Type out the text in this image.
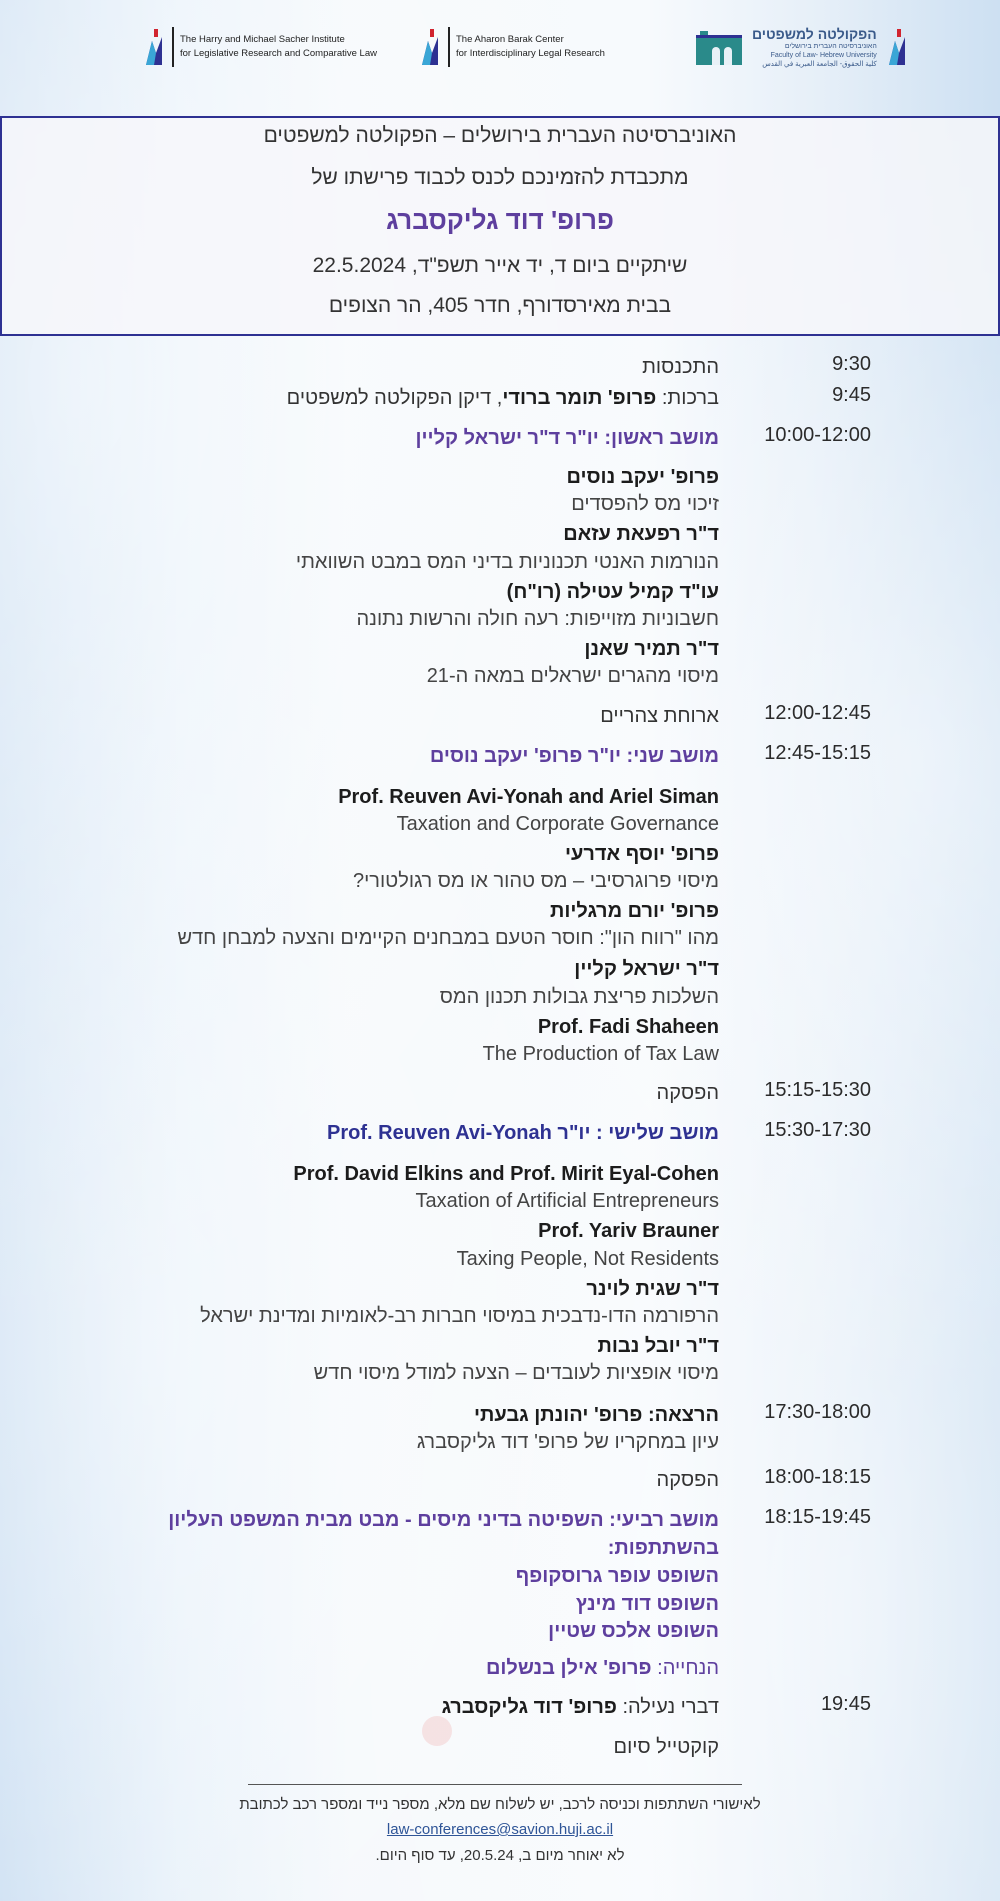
The Harry and Michael Sacher Institute
for Legislative Research and Comparative Law
The Aharon Barak Center
for Interdisciplinary Legal Research
הפקולטה למשפטים
האוניברסיטה העברית בירושלים
Faculty of Law- Hebrew University
كلية الحقوق- الجامعة العبرية في القدس
האוניברסיטה העברית בירושלים – הפקולטה למשפטים
מתכבדת להזמינכם לכנס לכבוד פרישתו של
פרופ' דוד גליקסברג
שיתקיים ביום ד, יד אייר תשפ"ד, 22.5.2024
בבית מאירסדורף, חדר 405, הר הצופים
9:30
התכנסות
9:45
ברכות: פרופ' תומר ברודי, דיקן הפקולטה למשפטים
10:00-12:00
מושב ראשון: יו"ר ד"ר ישראל קליין
פרופ' יעקב נוסים
זיכוי מס להפסדים
ד"ר רפעאת עזאם
הנורמות האנטי תכנוניות בדיני המס במבט השוואתי
עו"ד קמיל עטילה (רו"ח)
חשבוניות מזוייפות: רעה חולה והרשות נתונה
ד"ר תמיר שאנן
מיסוי מהגרים ישראלים במאה ה-21
12:00-12:45
ארוחת צהריים
12:45-15:15
מושב שני: יו"ר פרופ' יעקב נוסים
Prof. Reuven Avi-Yonah and Ariel Siman
Taxation and Corporate Governance
פרופ' יוסף אדרעי
מיסוי פרוגרסיבי – מס טהור או מס רגולטורי?
פרופ' יורם מרגליות
מהו "רווח הון": חוסר הטעם במבחנים הקיימים והצעה למבחן חדש
ד"ר ישראל קליין
השלכות פריצת גבולות תכנון המס
Prof. Fadi Shaheen
The Production of Tax Law
15:15-15:30
הפסקה
15:30-17:30
מושב שלישי : יו"ר Prof. Reuven Avi-Yonah
Prof. David Elkins and Prof. Mirit Eyal-Cohen
Taxation of Artificial Entrepreneurs
Prof. Yariv Brauner
Taxing People, Not Residents
ד"ר שגית לוינר
הרפורמה הדו-נדבכית במיסוי חברות רב-לאומיות ומדינת ישראל
ד"ר יובל נבות
מיסוי אופציות לעובדים – הצעה למודל מיסוי חדש
17:30-18:00
הרצאה: פרופ' יהונתן גבעתי
עיון במחקריו של פרופ' דוד גליקסברג
18:00-18:15
הפסקה
18:15-19:45
מושב רביעי: השפיטה בדיני מיסים - מבט מבית המשפט העליון
בהשתתפות:
השופט עופר גרוסקופף
השופט דוד מינץ
השופט אלכס שטיין
הנחייה: פרופ' אילן בנשלום
19:45
דברי נעילה: פרופ' דוד גליקסברג
קוקטייל סיום
לאישורי השתתפות וכניסה לרכב, יש לשלוח שם מלא, מספר נייד ומספר רכב לכתובת
law-conferences@savion.huji.ac.il
לא יאוחר מיום ב, 20.5.24, עד סוף היום.
